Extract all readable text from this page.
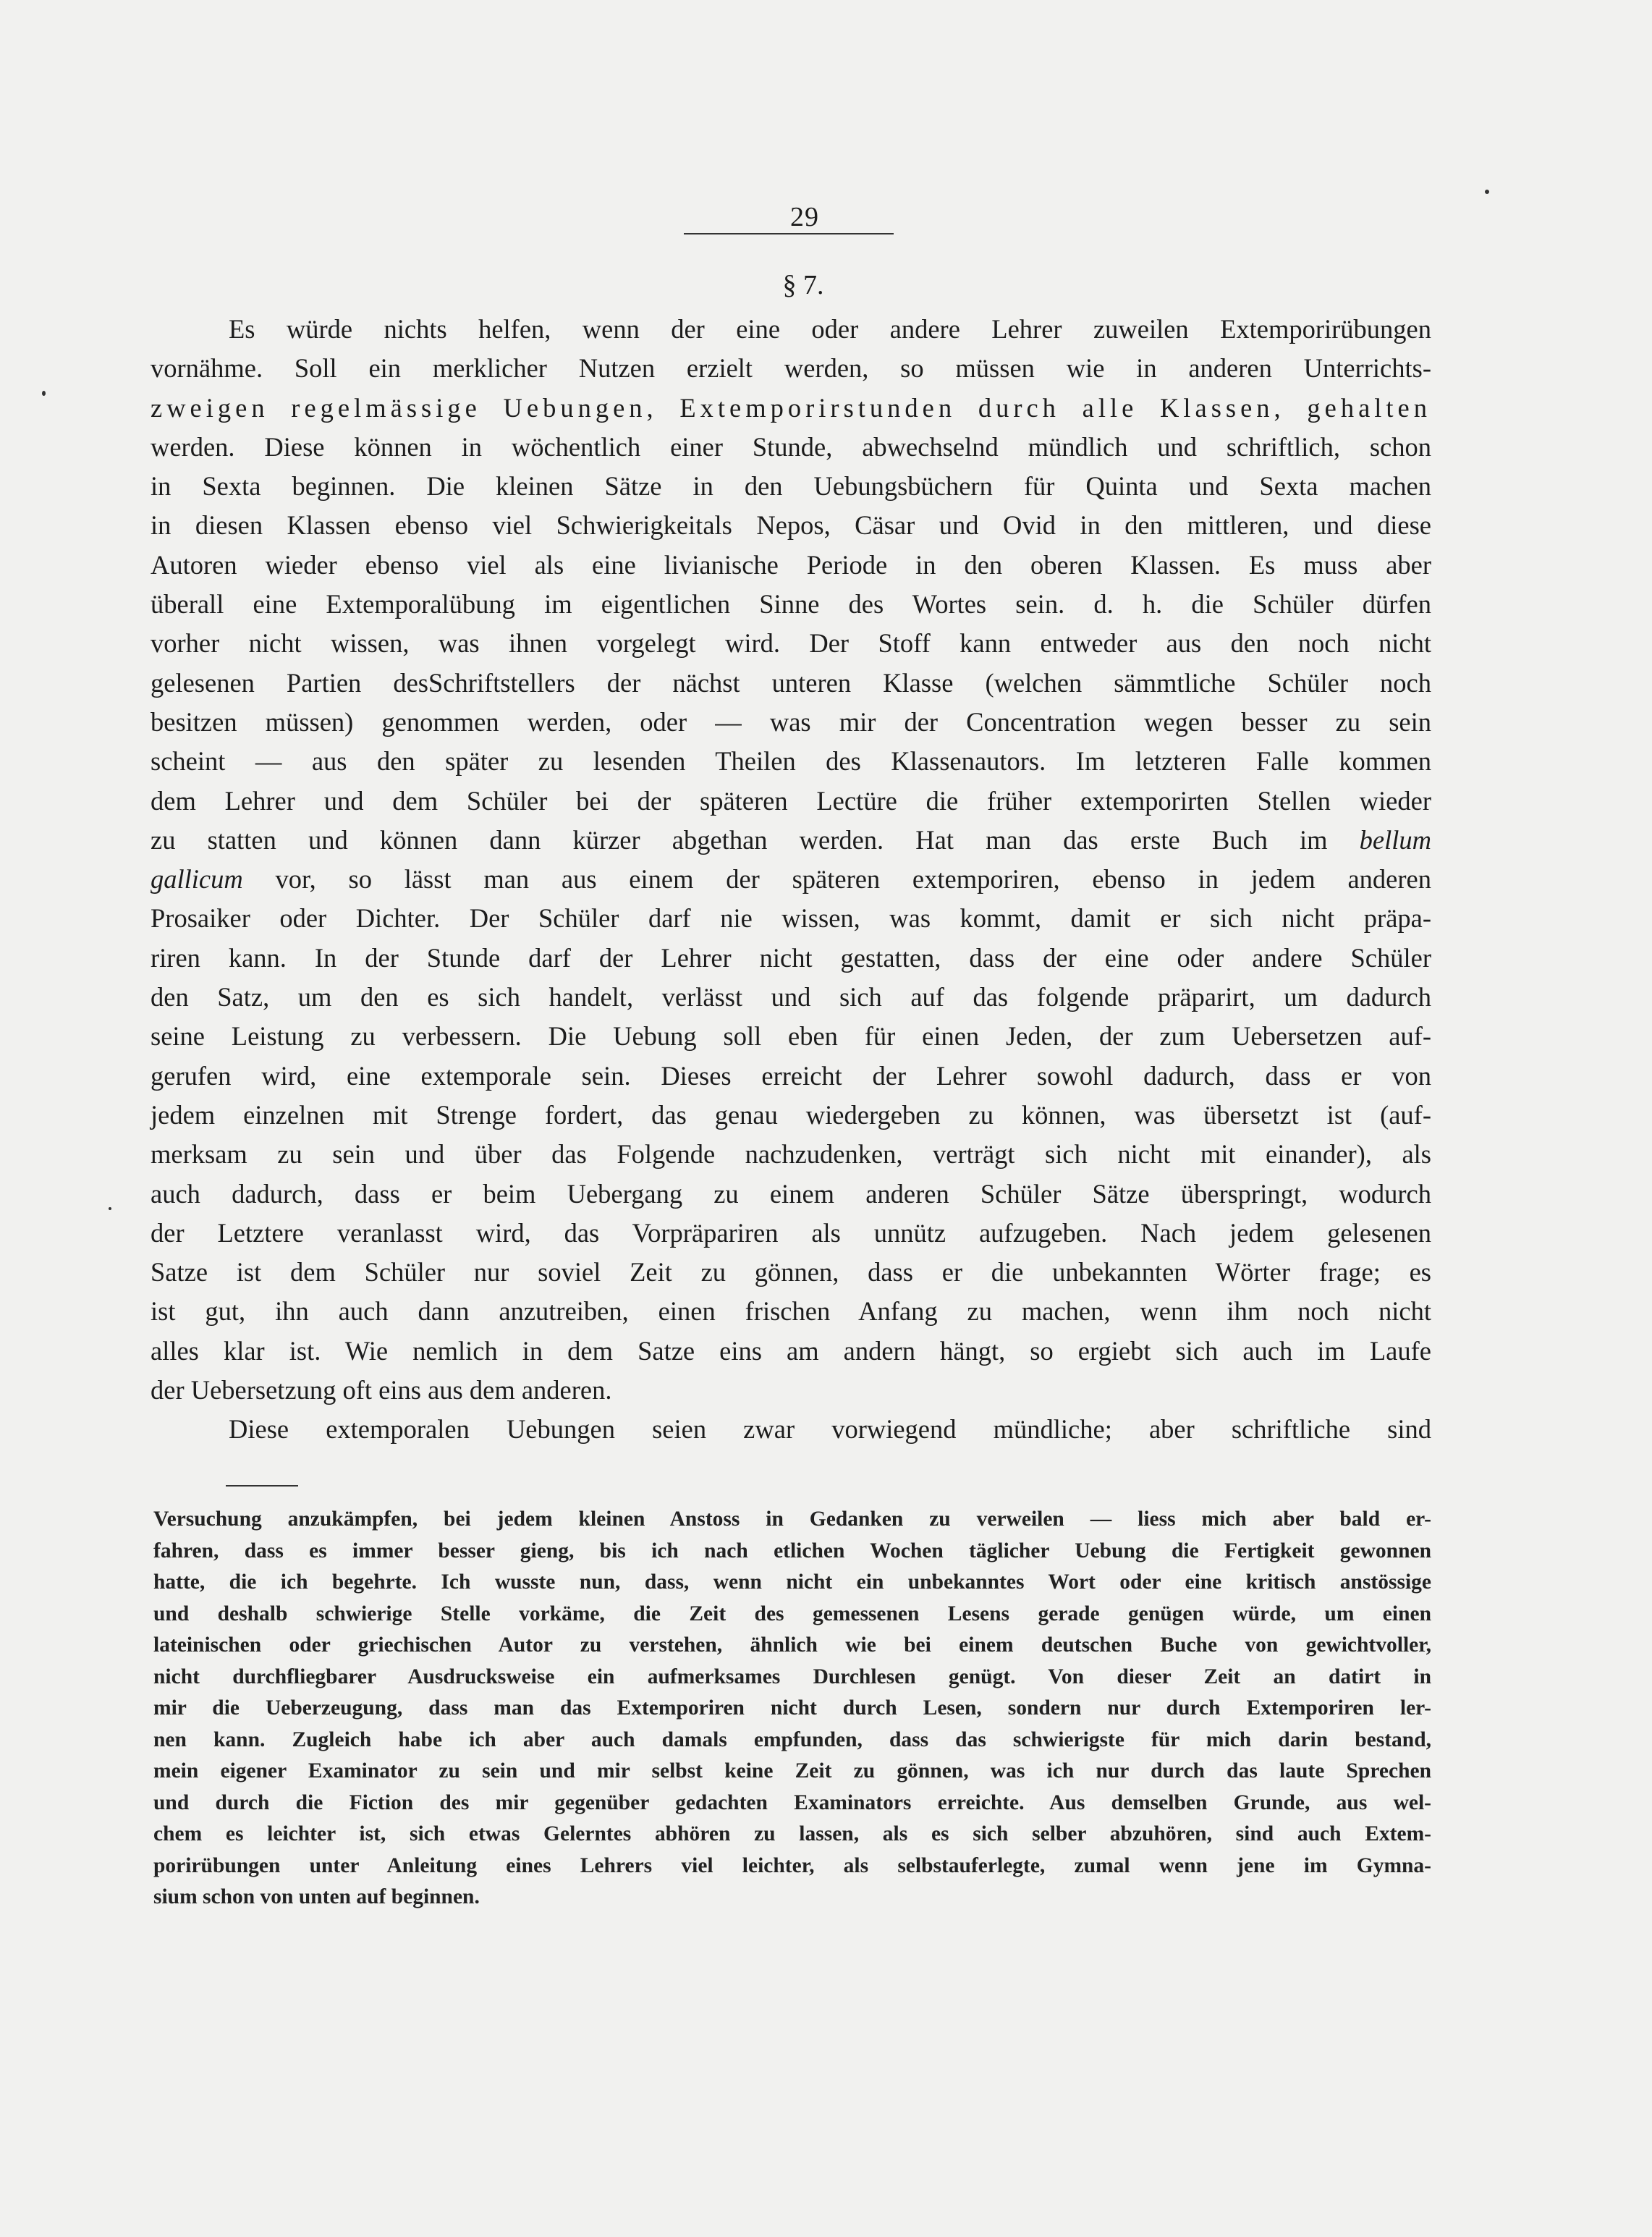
29
§ 7.
Es würde nichts helfen, wenn der eine oder andere Lehrer zuweilen Extemporirübungen
vornähme. Soll ein merklicher Nutzen erzielt werden, so müssen wie in anderen Unterrichts-
zweigen regelmässige Uebungen, Extemporirstunden durch alle Klassen, gehalten
werden. Diese können in wöchentlich einer Stunde, abwechselnd mündlich und schriftlich, schon
in Sexta beginnen. Die kleinen Sätze in den Uebungsbüchern für Quinta und Sexta machen
in diesen Klassen ebenso viel Schwierigkeitals Nepos, Cäsar und Ovid in den mittleren, und diese
Autoren wieder ebenso viel als eine livianische Periode in den oberen Klassen. Es muss aber
überall eine Extemporalübung im eigentlichen Sinne des Wortes sein. d. h. die Schüler dürfen
vorher nicht wissen, was ihnen vorgelegt wird. Der Stoff kann entweder aus den noch nicht
gelesenen Partien desSchriftstellers der nächst unteren Klasse (welchen sämmtliche Schüler noch
besitzen müssen) genommen werden, oder — was mir der Concentration wegen besser zu sein
scheint — aus den später zu lesenden Theilen des Klassenautors. Im letzteren Falle kommen
dem Lehrer und dem Schüler bei der späteren Lectüre die früher extemporirten Stellen wieder
zu statten und können dann kürzer abgethan werden. Hat man das erste Buch im bellum
gallicum vor, so lässt man aus einem der späteren extemporiren, ebenso in jedem anderen
Prosaiker oder Dichter. Der Schüler darf nie wissen, was kommt, damit er sich nicht präpa-
riren kann. In der Stunde darf der Lehrer nicht gestatten, dass der eine oder andere Schüler
den Satz, um den es sich handelt, verlässt und sich auf das folgende präparirt, um dadurch
seine Leistung zu verbessern. Die Uebung soll eben für einen Jeden, der zum Uebersetzen auf-
gerufen wird, eine extemporale sein. Dieses erreicht der Lehrer sowohl dadurch, dass er von
jedem einzelnen mit Strenge fordert, das genau wiedergeben zu können, was übersetzt ist (auf-
merksam zu sein und über das Folgende nachzudenken, verträgt sich nicht mit einander), als
auch dadurch, dass er beim Uebergang zu einem anderen Schüler Sätze überspringt, wodurch
der Letztere veranlasst wird, das Vorpräpariren als unnütz aufzugeben. Nach jedem gelesenen
Satze ist dem Schüler nur soviel Zeit zu gönnen, dass er die unbekannten Wörter frage; es
ist gut, ihn auch dann anzutreiben, einen frischen Anfang zu machen, wenn ihm noch nicht
alles klar ist. Wie nemlich in dem Satze eins am andern hängt, so ergiebt sich auch im Laufe
der Uebersetzung oft eins aus dem anderen.
Diese extemporalen Uebungen seien zwar vorwiegend mündliche; aber schriftliche sind
Versuchung anzukämpfen, bei jedem kleinen Anstoss in Gedanken zu verweilen — liess mich aber bald er-
fahren, dass es immer besser gieng, bis ich nach etlichen Wochen täglicher Uebung die Fertigkeit gewonnen
hatte, die ich begehrte. Ich wusste nun, dass, wenn nicht ein unbekanntes Wort oder eine kritisch anstössige
und deshalb schwierige Stelle vorkäme, die Zeit des gemessenen Lesens gerade genügen würde, um einen
lateinischen oder griechischen Autor zu verstehen, ähnlich wie bei einem deutschen Buche von gewichtvoller,
nicht durchfliegbarer Ausdrucksweise ein aufmerksames Durchlesen genügt. Von dieser Zeit an datirt in
mir die Ueberzeugung, dass man das Extemporiren nicht durch Lesen, sondern nur durch Extemporiren ler-
nen kann. Zugleich habe ich aber auch damals empfunden, dass das schwierigste für mich darin bestand,
mein eigener Examinator zu sein und mir selbst keine Zeit zu gönnen, was ich nur durch das laute Sprechen
und durch die Fiction des mir gegenüber gedachten Examinators erreichte. Aus demselben Grunde, aus wel-
chem es leichter ist, sich etwas Gelerntes abhören zu lassen, als es sich selber abzuhören, sind auch Extem-
porirübungen unter Anleitung eines Lehrers viel leichter, als selbstauferlegte, zumal wenn jene im Gymna-
sium schon von unten auf beginnen.
